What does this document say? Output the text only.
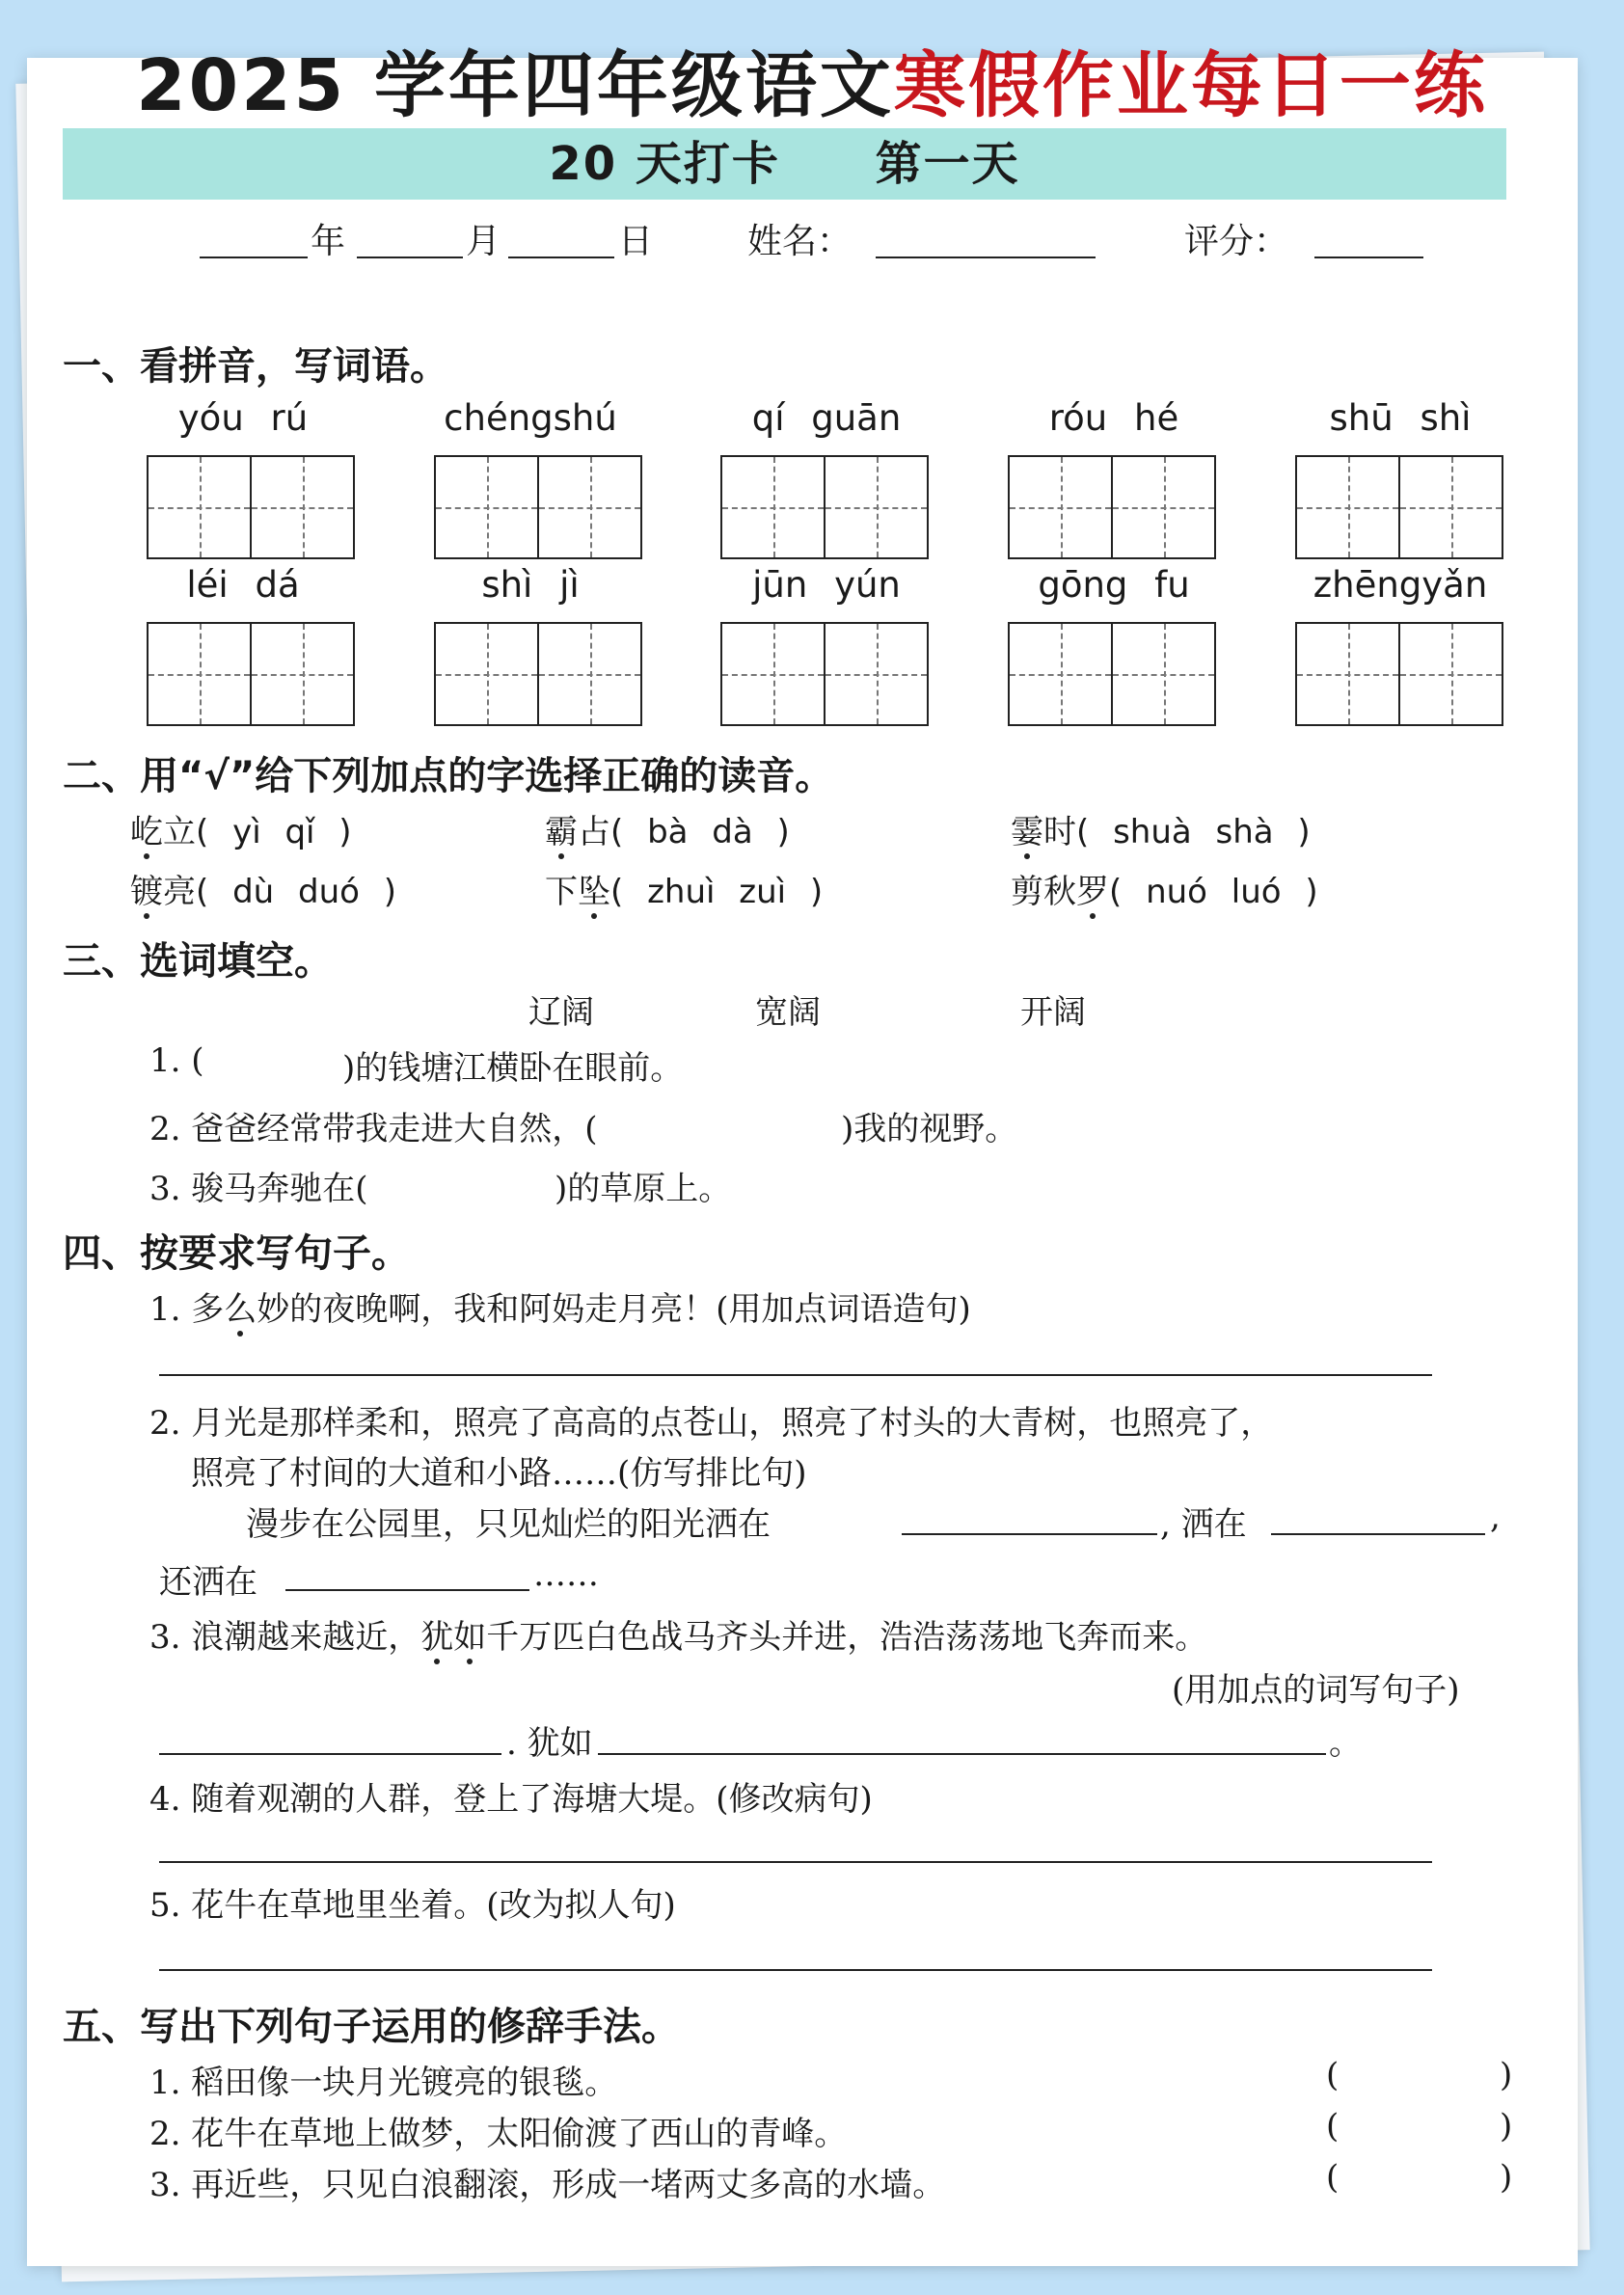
2025 学年四年级语文寒假作业每日一练
20 天打卡 第一天
年	月	日	姓名：	评分：
一、看拼音，写词语。
yóu rú	chéngshú	qí guān	róu hé	shū shì
léi dá	shì jì	jūn yún	gōng fu	zhēngyǎn
二、用“√”给下列加点的字选择正确的读音。
屹立( yì qǐ )	霸占( bà dà )	霎时( shuà shà )
镀亮( dù duó )	下坠( zhuì zuì )	剪秋罗( nuó luó )
三、选词填空。
辽阔	宽阔	开阔
1. (	)的钱塘江横卧在眼前。
2. 爸爸经常带我走进大自然，(	)我的视野。
3. 骏马奔驰在(	)的草原上。
四、按要求写句子。
1. 多么妙的夜晚啊，我和阿妈走月亮！(用加点词语造句)
2. 月光是那样柔和，照亮了高高的点苍山，照亮了村头的大青树，也照亮了，
照亮了村间的大道和小路……(仿写排比句)
漫步在公园里，只见灿烂的阳光洒在	, 洒在	,
还洒在	……
3. 浪潮越来越近，犹如千万匹白色战马齐头并进，浩浩荡荡地飞奔而来。
(用加点的词写句子)
. 犹如	。
4. 随着观潮的人群，登上了海塘大堤。(修改病句)
5. 花牛在草地里坐着。(改为拟人句)
五、写出下列句子运用的修辞手法。
1. 稻田像一块月光镀亮的银毯。	(	)
2. 花牛在草地上做梦，太阳偷渡了西山的青峰。	(	)
3. 再近些，只见白浪翻滚，形成一堵两丈多高的水墙。	(	)
